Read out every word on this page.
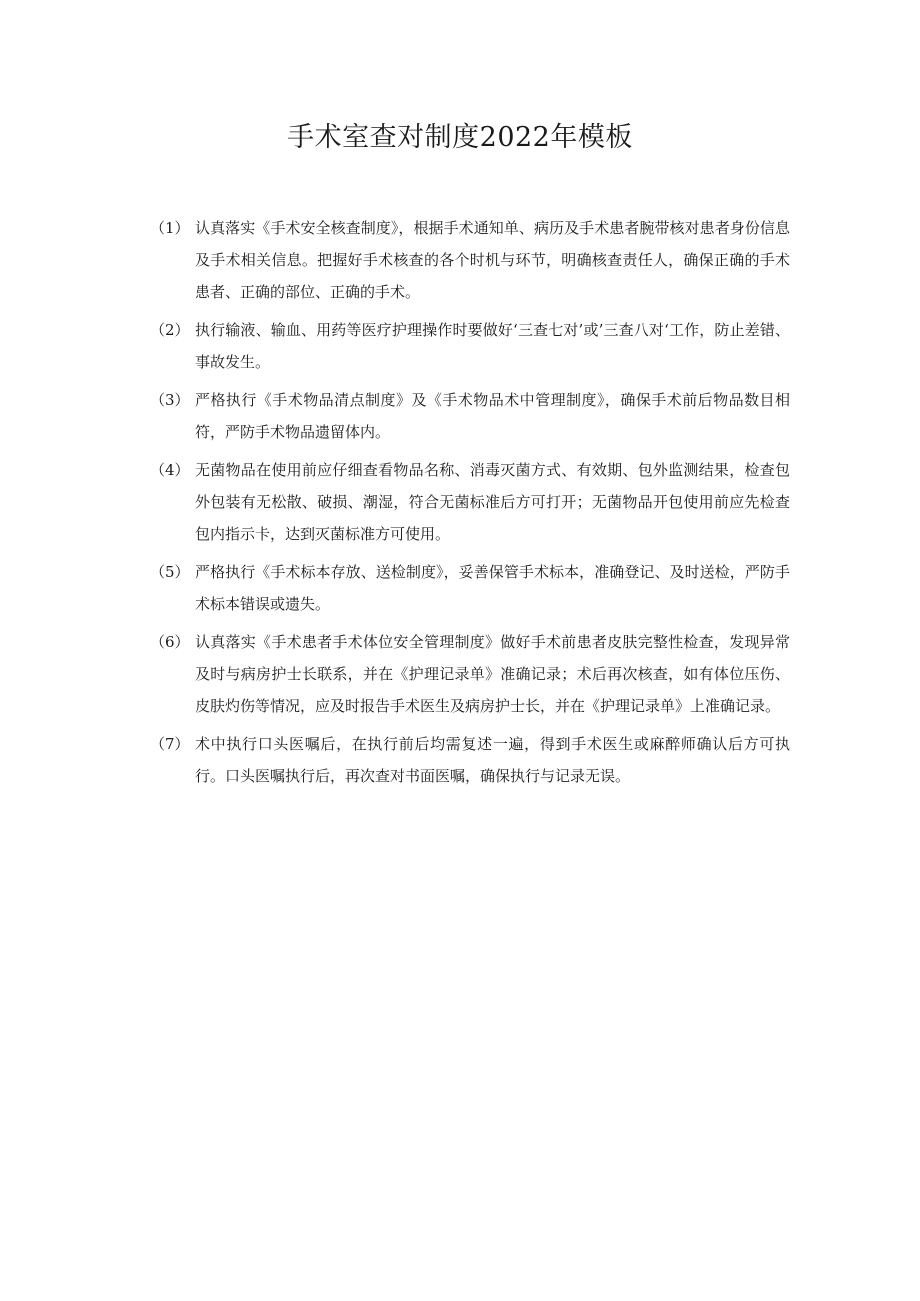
手术室查对制度2022年模板
（1） 认真落实《手术安全核查制度》，根据手术通知单、病历及手术患者腕带核对患者身份信息及手术相关信息。把握好手术核查的各个时机与环节，明确核查责任人，确保正确的手术患者、正确的部位、正确的手术。
（2） 执行输液、输血、用药等医疗护理操作时要做好‘三查七对’或’三查八对‘工作，防止差错、事故发生。
（3） 严格执行《手术物品清点制度》及《手术物品术中管理制度》，确保手术前后物品数目相符，严防手术物品遗留体内。
（4） 无菌物品在使用前应仔细查看物品名称、消毒灭菌方式、有效期、包外监测结果，检查包外包装有无松散、破损、潮湿，符合无菌标准后方可打开；无菌物品开包使用前应先检查包内指示卡，达到灭菌标准方可使用。
（5） 严格执行《手术标本存放、送检制度》，妥善保管手术标本，准确登记、及时送检，严防手术标本错误或遗失。
（6） 认真落实《手术患者手术体位安全管理制度》做好手术前患者皮肤完整性检查，发现异常及时与病房护士长联系，并在《护理记录单》准确记录；术后再次核查，如有体位压伤、皮肤灼伤等情况，应及时报告手术医生及病房护士长，并在《护理记录单》上准确记录。
（7） 术中执行口头医嘱后，在执行前后均需复述一遍，得到手术医生或麻醉师确认后方可执行。口头医嘱执行后，再次查对书面医嘱，确保执行与记录无误。
